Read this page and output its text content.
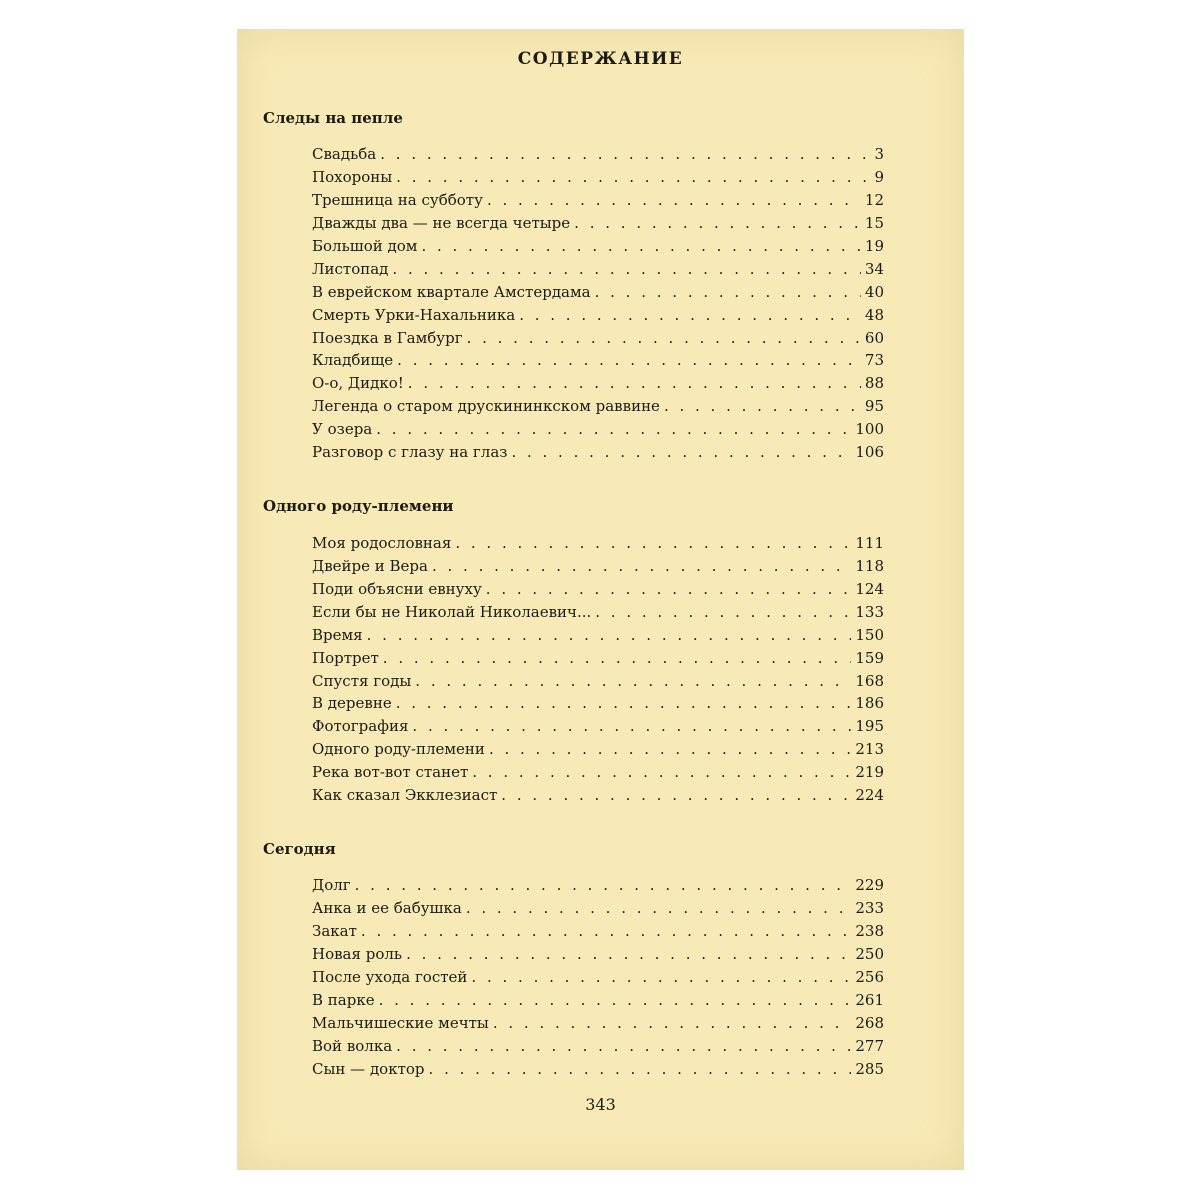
СОДЕРЖАНИЕ
Следы на пепле
Свадьба . . .	3
Похороны . . .	9
Трешница на субботу . . .	12
Дважды два — не всегда четыре . . .	15
Большой дом . . .	19
Листопад . . .	34
В еврейском квартале Амстердама . . .	40
Смерть Урки-Нахальника . . .	48
Поездка в Гамбург . . .	60
Кладбище . . .	73
О-о, Дидко! . . .	88
Легенда о старом друскининкском раввине . . .	95
У озера . . .	100
Разговор с глазу на глаз . . .	106
Одного роду-племени
Моя родословная . . .	111
Двейре и Вера . . .	118
Поди объясни евнуху . . .	124
Если бы не Николай Николаевич... . . .	133
Время . . .	150
Портрет . . .	159
Спустя годы . . .	168
В деревне . . .	186
Фотография . . .	195
Одного роду-племени . . .	213
Река вот-вот станет . . .	219
Как сказал Экклезиаст . . .	224
Сегодня
Долг . . .	229
Анка и ее бабушка . . .	233
Закат . . .	238
Новая роль . . .	250
После ухода гостей . . .	256
В парке . . .	261
Мальчишеские мечты . . .	268
Вой волка . . .	277
Сын — доктор . . .	285
343
